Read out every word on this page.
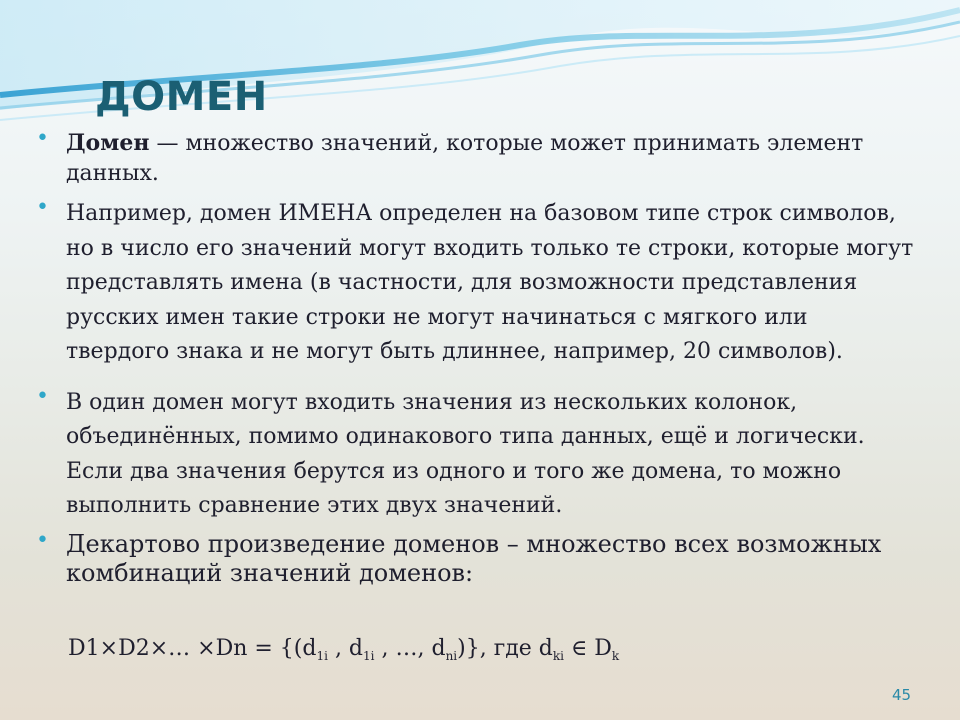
ДОМЕН

• Домен — множество значений, которые может принимать элемент данных.

• Например, домен ИМЕНА определен на базовом типе строк символов, но в число его значений могут входить только те строки, которые могут представлять имена (в частности, для возможности представления русских имен такие строки не могут начинаться с мягкого или твердого знака и не могут быть длиннее, например, 20 символов).

• В один домен могут входить значения из нескольких колонок, объединённых, помимо одинакового типа данных, ещё и логически. Если два значения берутся из одного и того же домена, то можно выполнить сравнение этих двух значений.

• Декартово произведение доменов – множество всех возможных комбинаций значений доменов:

D1×D2×… $\times Dn = \{(d_{1i}$ , $d_{1i}$ , …, $d_{ni}$)}, где $d_{ki}$ ∈ $D_k$
45
